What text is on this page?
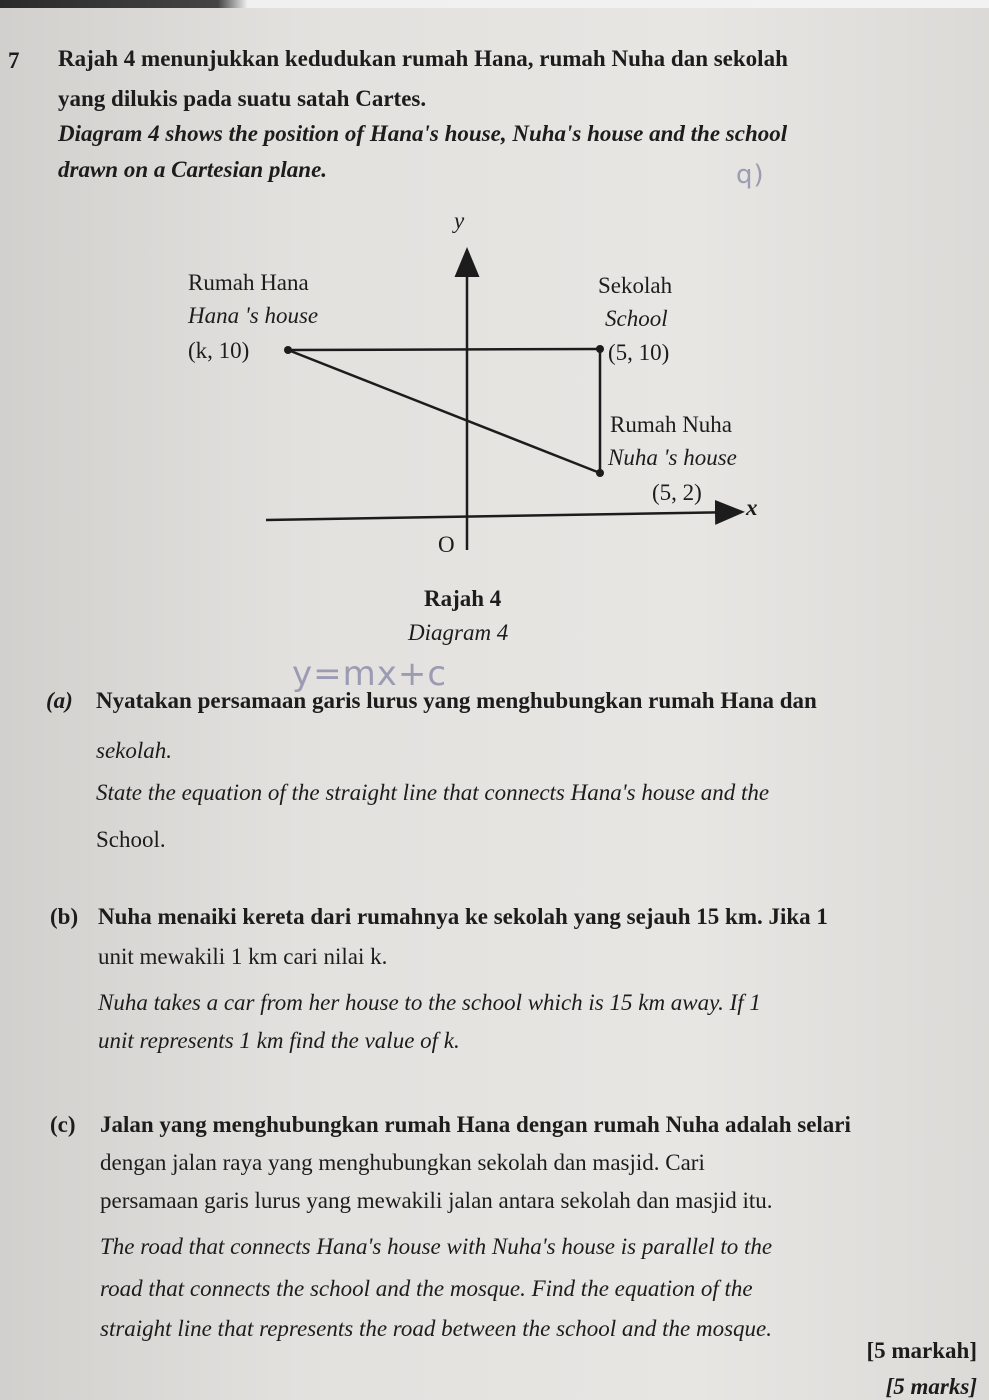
7 Rajah 4 menunjukkan kedudukan rumah Hana, rumah Nuha dan sekolah
yang dilukis pada suatu satah Cartes.
Diagram 4 shows the position of Hana's house, Nuha's house and the school
drawn on a Cartesian plane.	q)
y
x
O
Rumah Hana
Hana 's house
(k, 10)
Sekolah
School
(5, 10)
Rumah Nuha
Nuha 's house
(5, 2)
Rajah 4
Diagram 4
y=mx+c
(a) Nyatakan persamaan garis lurus yang menghubungkan rumah Hana dan
sekolah.
State the equation of the straight line that connects Hana's house and the
School.
(b) Nuha menaiki kereta dari rumahnya ke sekolah yang sejauh 15 km. Jika 1
unit mewakili 1 km cari nilai k.
Nuha takes a car from her house to the school which is 15 km away. If 1
unit represents 1 km find the value of k.
(c) Jalan yang menghubungkan rumah Hana dengan rumah Nuha adalah selari
dengan jalan raya yang menghubungkan sekolah dan masjid. Cari
persamaan garis lurus yang mewakili jalan antara sekolah dan masjid itu.
The road that connects Hana's house with Nuha's house is parallel to the
road that connects the school and the mosque. Find the equation of the
straight line that represents the road between the school and the mosque.
[5 markah]
[5 marks]
